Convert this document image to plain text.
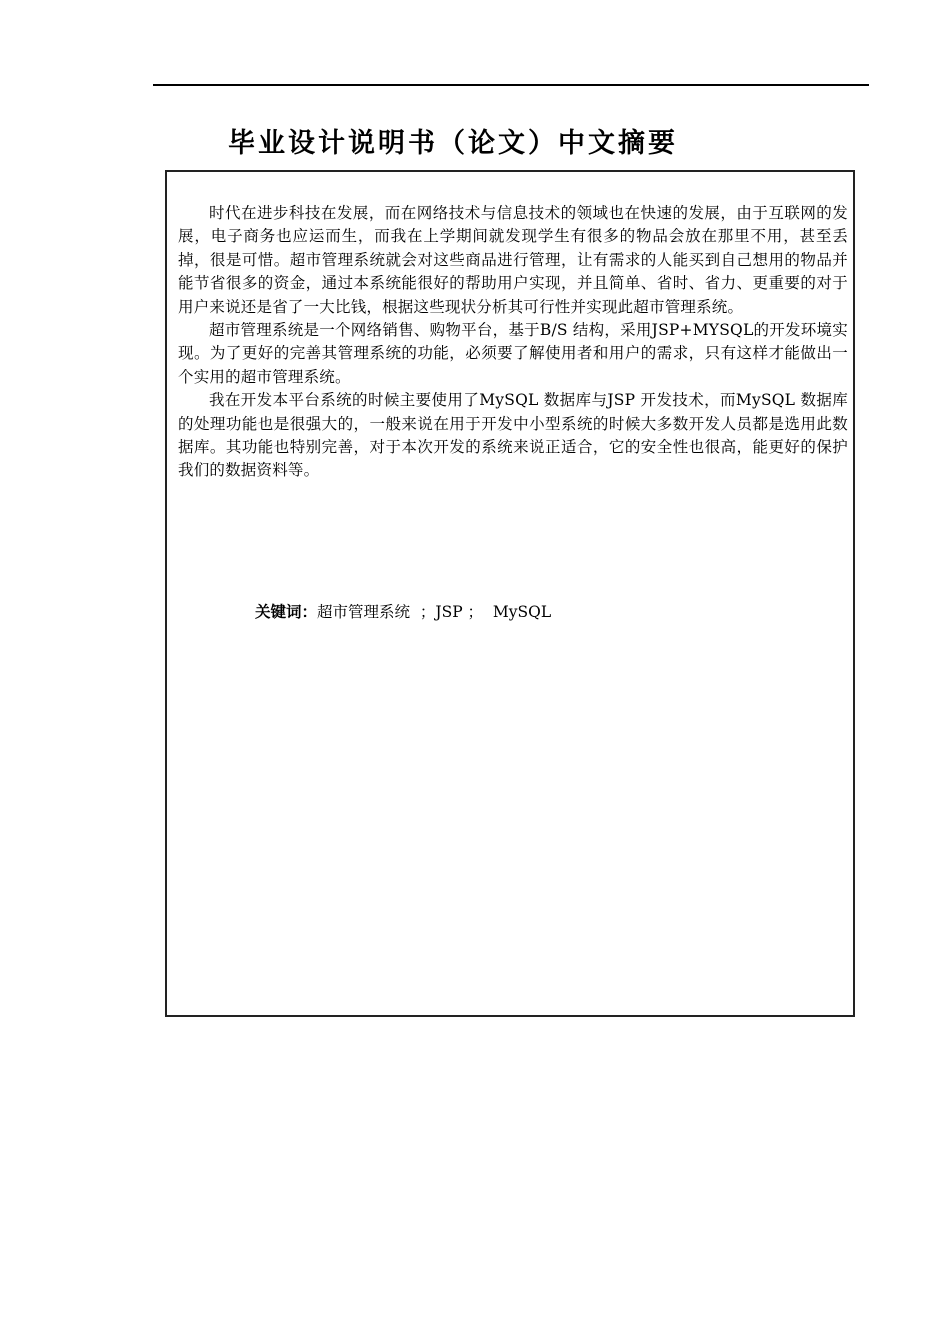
毕业设计说明书（论文）中文摘要

时代在进步科技在发展，而在网络技术与信息技术的领域也在快速的发展，由于互联网的发展，电子商务也应运而生，而我在上学期间就发现学生有很多的物品会放在那里不用，甚至丢掉，很是可惜。超市管理系统就会对这些商品进行管理，让有需求的人能买到自己想用的物品并能节省很多的资金，通过本系统能很好的帮助用户实现，并且简单、省时、省力、更重要的对于用户来说还是省了一大比钱，根据这些现状分析其可行性并实现此超市管理系统。

超市管理系统是一个网络销售、购物平台，基于B/S 结构，采用JSP+MYSQL的开发环境实现。为了更好的完善其管理系统的功能，必须要了解使用者和用户的需求，只有这样才能做出一个实用的超市管理系统。

我在开发本平台系统的时候主要使用了MySQL 数据库与JSP 开发技术，而MySQL 数据库的处理功能也是很强大的，一般来说在用于开发中小型系统的时候大多数开发人员都是选用此数据库。其功能也特别完善，对于本次开发的系统来说正适合，它的安全性也很高，能更好的保护我们的数据资料等。

关键词：超市管理系统  ；JSP ；  MySQL
